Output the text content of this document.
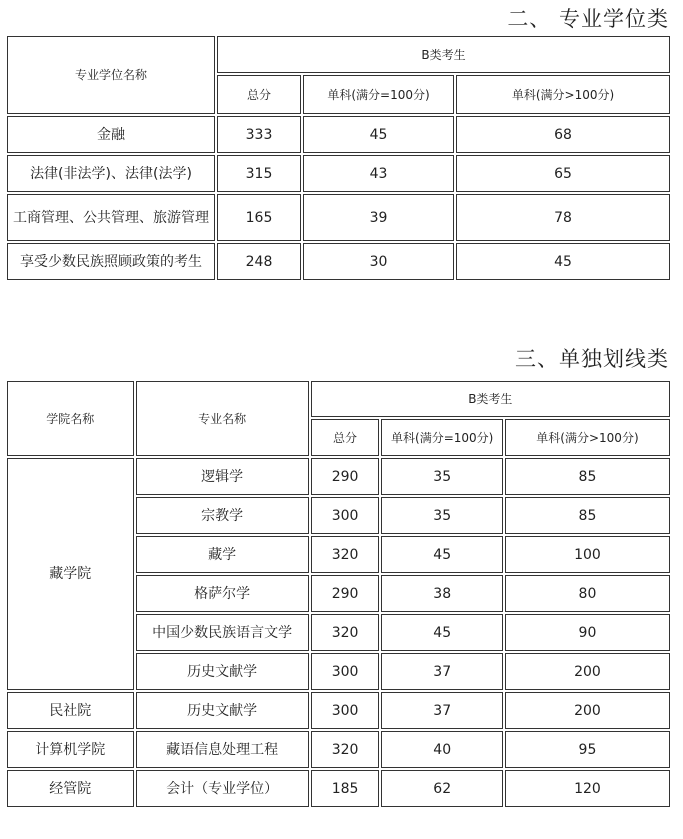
二、 专业学位类
专业学位名称	B类考生		
	总分	单科(满分=100分)	单科(满分>100分)
金融	333	45	68
法律(非法学)、法律(法学)	315	43	65
工商管理、公共管理、旅游管理	165	39	78
享受少数民族照顾政策的考生	248	30	45
三、单独划线类
学院名称	专业名称	B类考生		
		总分	单科(满分=100分)	单科(满分>100分)
藏学院	逻辑学	290	35	85
	宗教学	300	35	85
	藏学	320	45	100
	格萨尔学	290	38	80
	中国少数民族语言文学	320	45	90
	历史文献学	300	37	200
民社院	历史文献学	300	37	200
计算机学院	藏语信息处理工程	320	40	95
经管院	会计（专业学位）	185	62	120
